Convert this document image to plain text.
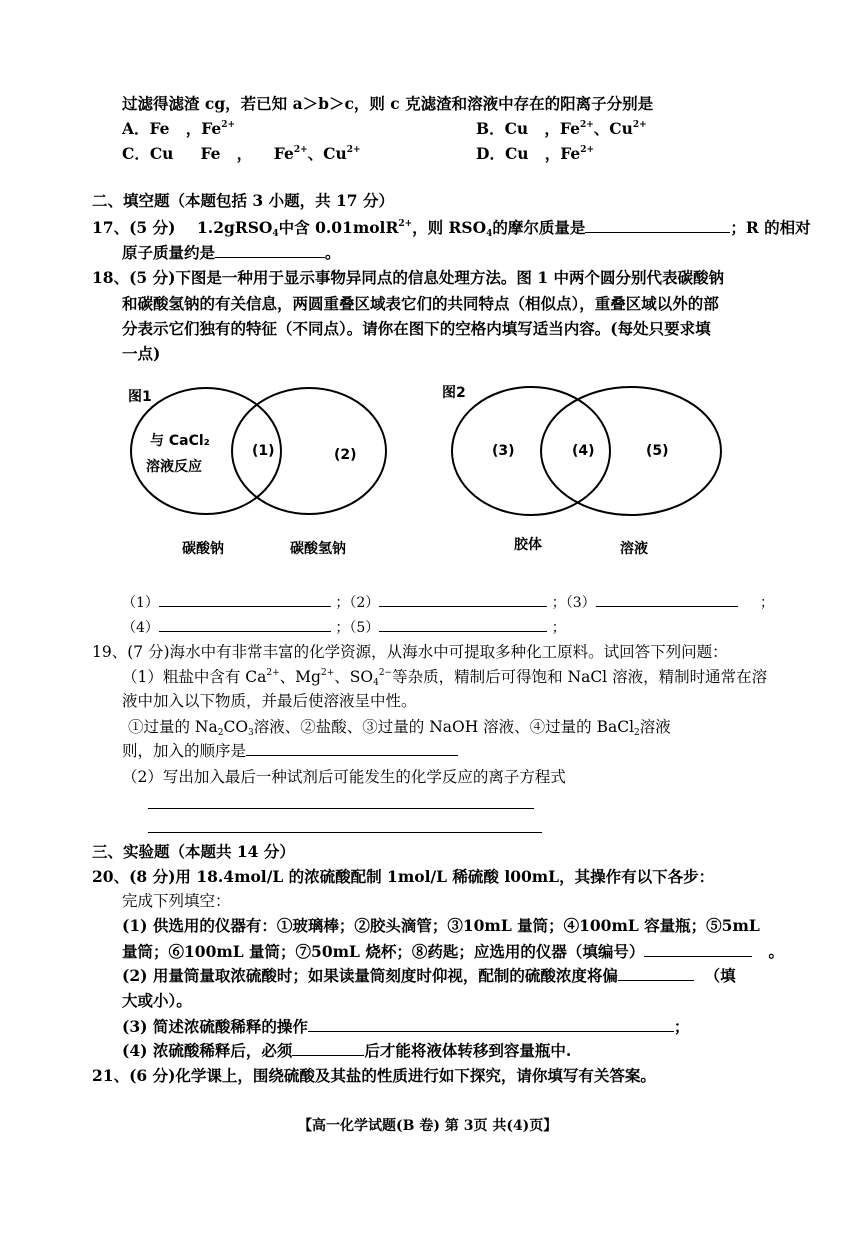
过滤得滤渣 cg，若已知 a＞b＞c，则 c 克滤渣和溶液中存在的阳离子分别是
A．Fe ，$Fe^{2+}$	B．Cu ，$Fe^{2+}$、$Cu^{2+}$
C．Cu Fe ， $Fe^{2+}$、$Cu^{2+}$	D．Cu ，$Fe^{2+}$
二、填空题（本题包括 3 小题，共 17 分）
17、(5 分) 1.2gRSO$_4$中含 0.01molR$^{2+}$，则 $RSO_4$的摩尔质量是	；R 的相对
原子质量约是	。
18、(5 分)下图是一种用于显示事物异同点的信息处理方法。图 1 中两个圆分别代表碳酸钠
和碳酸氢钠的有关信息，两圆重叠区域表它们的共同特点（相似点），重叠区域以外的部
分表示它们独有的特征（不同点）。请你在图下的空格内填写适当内容。(每处只要求填
一点)
图1
与 CaCl₂
溶液反应
(1)	(2)
碳酸钠	碳酸氢钠
图2
(3)	(4)	(5)
胶体	溶液
（1）	；（2）	；（3）	；
（4）	；（5）	；
19、(7 分)海水中有非常丰富的化学资源，从海水中可提取多种化工原料。试回答下列问题：
（1）粗盐中含有 $Ca^{2+}$、$Mg^{2+}$、$SO_4^{2-}$等杂质，精制后可得饱和 NaCl 溶液，精制时通常在溶
液中加入以下物质，并最后使溶液呈中性。
①过量的 $Na_2CO_3$溶液、②盐酸、③过量的 NaOH 溶液、④过量的 BaCl$_2$溶液
则，加入的顺序是
（2）写出加入最后一种试剂后可能发生的化学反应的离子方程式
三、实验题（本题共 14 分）
20、(8 分)用 18.4mol/L 的浓硫酸配制 1mol/L 稀硫酸 l00mL，其操作有以下各步：
完成下列填空：
(1) 供选用的仪器有：①玻璃棒；②胶头滴管；③10mL 量筒；④100mL 容量瓶；⑤5mL
量筒；⑥100mL 量筒；⑦50mL 烧杯；⑧药匙；应选用的仪器（填编号）	。
(2) 用量筒量取浓硫酸时；如果读量筒刻度时仰视，配制的硫酸浓度将偏	（填
大或小）。
(3) 简述浓硫酸稀释的操作	；
(4) 浓硫酸稀释后，必须	后才能将液体转移到容量瓶中.
21、(6 分)化学课上，围绕硫酸及其盐的性质进行如下探究，请你填写有关答案。
【高一化学试题(B 卷) 第 3页 共(4)页】
